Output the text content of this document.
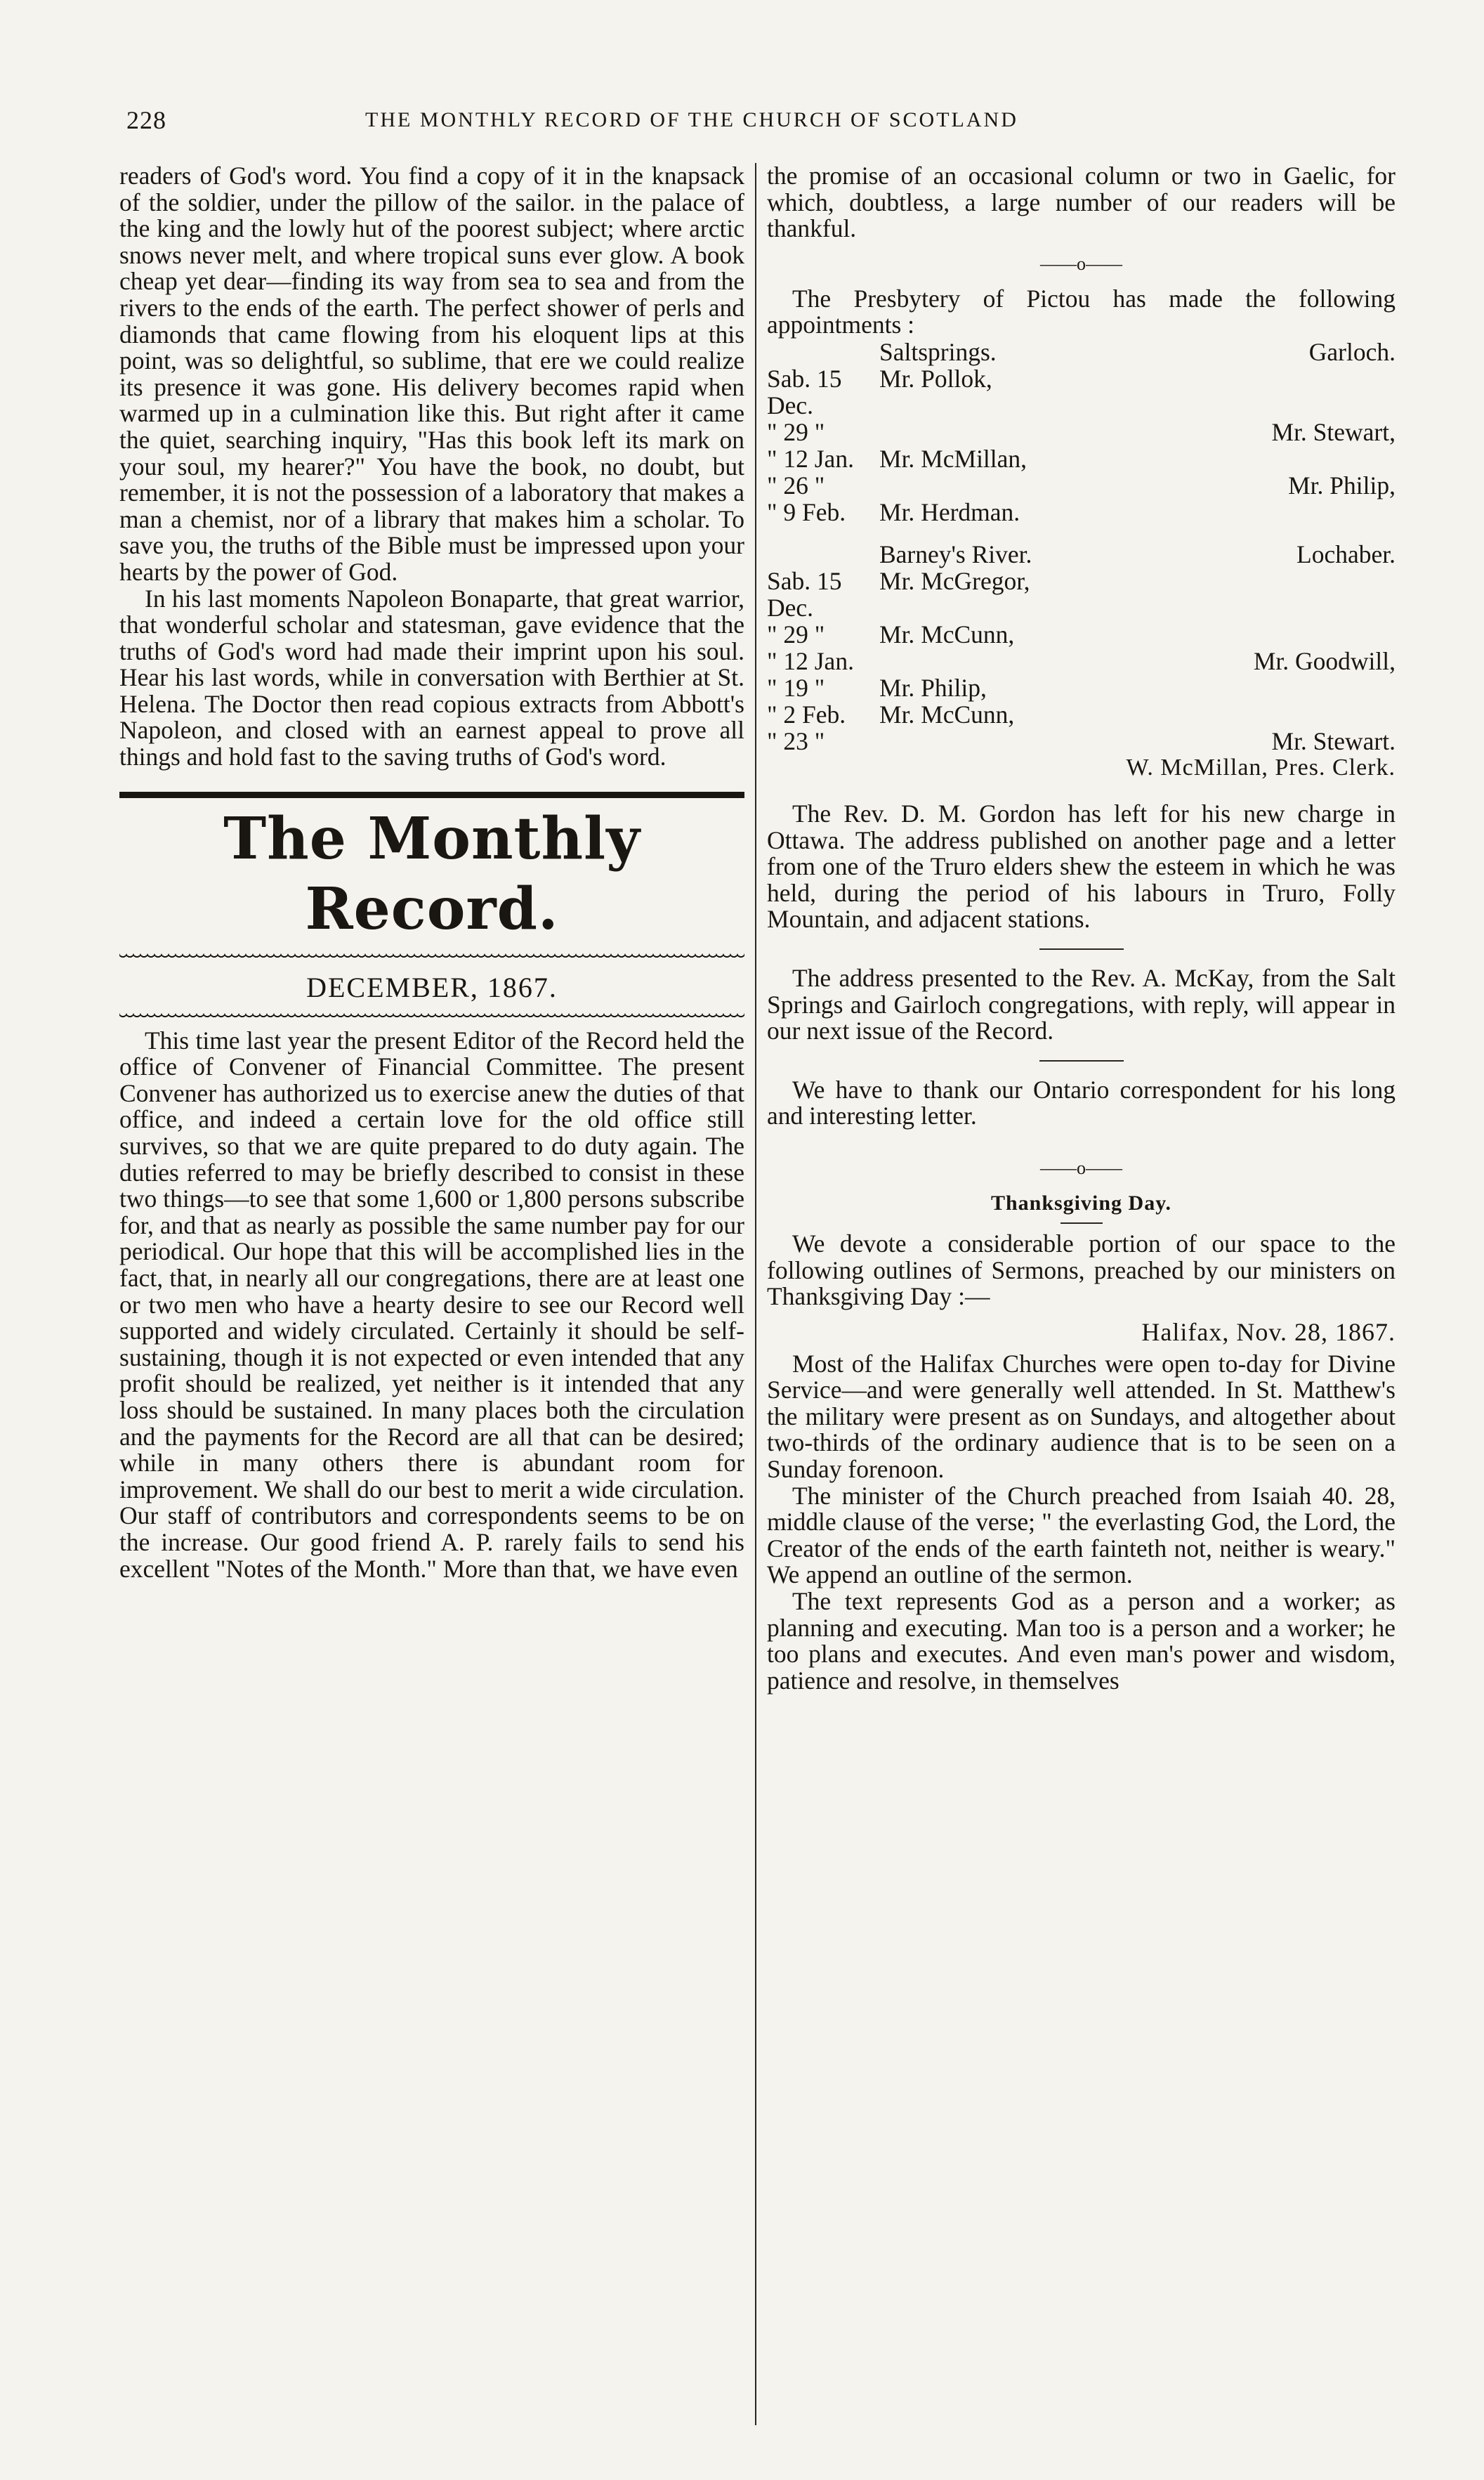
228	THE MONTHLY RECORD OF THE CHURCH OF SCOTLAND

readers of God's word. You find a copy of it in the knapsack of the soldier, under the pillow of the sailor. in the palace of the king and the lowly hut of the poorest subject; where arctic snows never melt, and where tropical suns ever glow. A book cheap yet dear—finding its way from sea to sea and from the rivers to the ends of the earth. The perfect shower of perls and diamonds that came flowing from his eloquent lips at this point, was so delightful, so sublime, that ere we could realize its presence it was gone. His delivery becomes rapid when warmed up in a culmination like this. But right after it came the quiet, searching inquiry, "Has this book left its mark on your soul, my hearer?" You have the book, no doubt, but remember, it is not the possession of a laboratory that makes a man a chemist, nor of a library that makes him a scholar. To save you, the truths of the Bible must be impressed upon your hearts by the power of God.

In his last moments Napoleon Bonaparte, that great warrior, that wonderful scholar and statesman, gave evidence that the truths of God's word had made their imprint upon his soul. Hear his last words, while in conversation with Berthier at St. Helena. The Doctor then read copious extracts from Abbott's Napoleon, and closed with an earnest appeal to prove all things and hold fast to the saving truths of God's word.

The Monthly Record.
DECEMBER, 1867.

This time last year the present Editor of the Record held the office of Convener of Financial Committee. The present Convener has authorized us to exercise anew the duties of that office, and indeed a certain love for the old office still survives, so that we are quite prepared to do duty again. The duties referred to may be briefly described to consist in these two things—to see that some 1,600 or 1,800 persons subscribe for, and that as nearly as possible the same number pay for our periodical. Our hope that this will be accomplished lies in the fact, that, in nearly all our congregations, there are at least one or two men who have a hearty desire to see our Record well supported and widely circulated. Certainly it should be self-sustaining, though it is not expected or even intended that any profit should be realized, yet neither is it intended that any loss should be sustained. In many places both the circulation and the payments for the Record are all that can be desired; while in many others there is abundant room for improvement. We shall do our best to merit a wide circulation. Our staff of contributors and correspondents seems to be on the increase. Our good friend A. P. rarely fails to send his excellent "Notes of the Month." More than that, we have even

the promise of an occasional column or two in Gaelic, for which, doubtless, a large number of our readers will be thankful.

——o——

The Presbytery of Pictou has made the following appointments :

	Saltsprings.	Garloch.
Sab. 15 Dec.	Mr. Pollok,	
" 29 "		Mr. Stewart,
" 12 Jan.	Mr. McMillan,	
" 26 "		Mr. Philip,
" 9 Feb.	Mr. Herdman.	
	Barney's River.	Lochaber.
Sab. 15 Dec.	Mr. McGregor,	
" 29 "	Mr. McCunn,	
" 12 Jan.		Mr. Goodwill,
" 19 "	Mr. Philip,	
" 2 Feb.	Mr. McCunn,	
" 23 "		Mr. Stewart.
W. McMillan, Pres. Clerk.

The Rev. D. M. Gordon has left for his new charge in Ottawa. The address published on another page and a letter from one of the Truro elders shew the esteem in which he was held, during the period of his labours in Truro, Folly Mountain, and adjacent stations.

The address presented to the Rev. A. McKay, from the Salt Springs and Gairloch congregations, with reply, will appear in our next issue of the Record.

We have to thank our Ontario correspondent for his long and interesting letter.

——o——
Thanksgiving Day.

We devote a considerable portion of our space to the following outlines of Sermons, preached by our ministers on Thanksgiving Day :—

Halifax, Nov. 28, 1867.

Most of the Halifax Churches were open to-day for Divine Service—and were generally well attended. In St. Matthew's the military were present as on Sundays, and altogether about two-thirds of the ordinary audience that is to be seen on a Sunday forenoon.

The minister of the Church preached from Isaiah 40. 28, middle clause of the verse; " the everlasting God, the Lord, the Creator of the ends of the earth fainteth not, neither is weary." We append an outline of the sermon.

The text represents God as a person and a worker; as planning and executing. Man too is a person and a worker; he too plans and executes. And even man's power and wisdom, patience and resolve, in themselves
